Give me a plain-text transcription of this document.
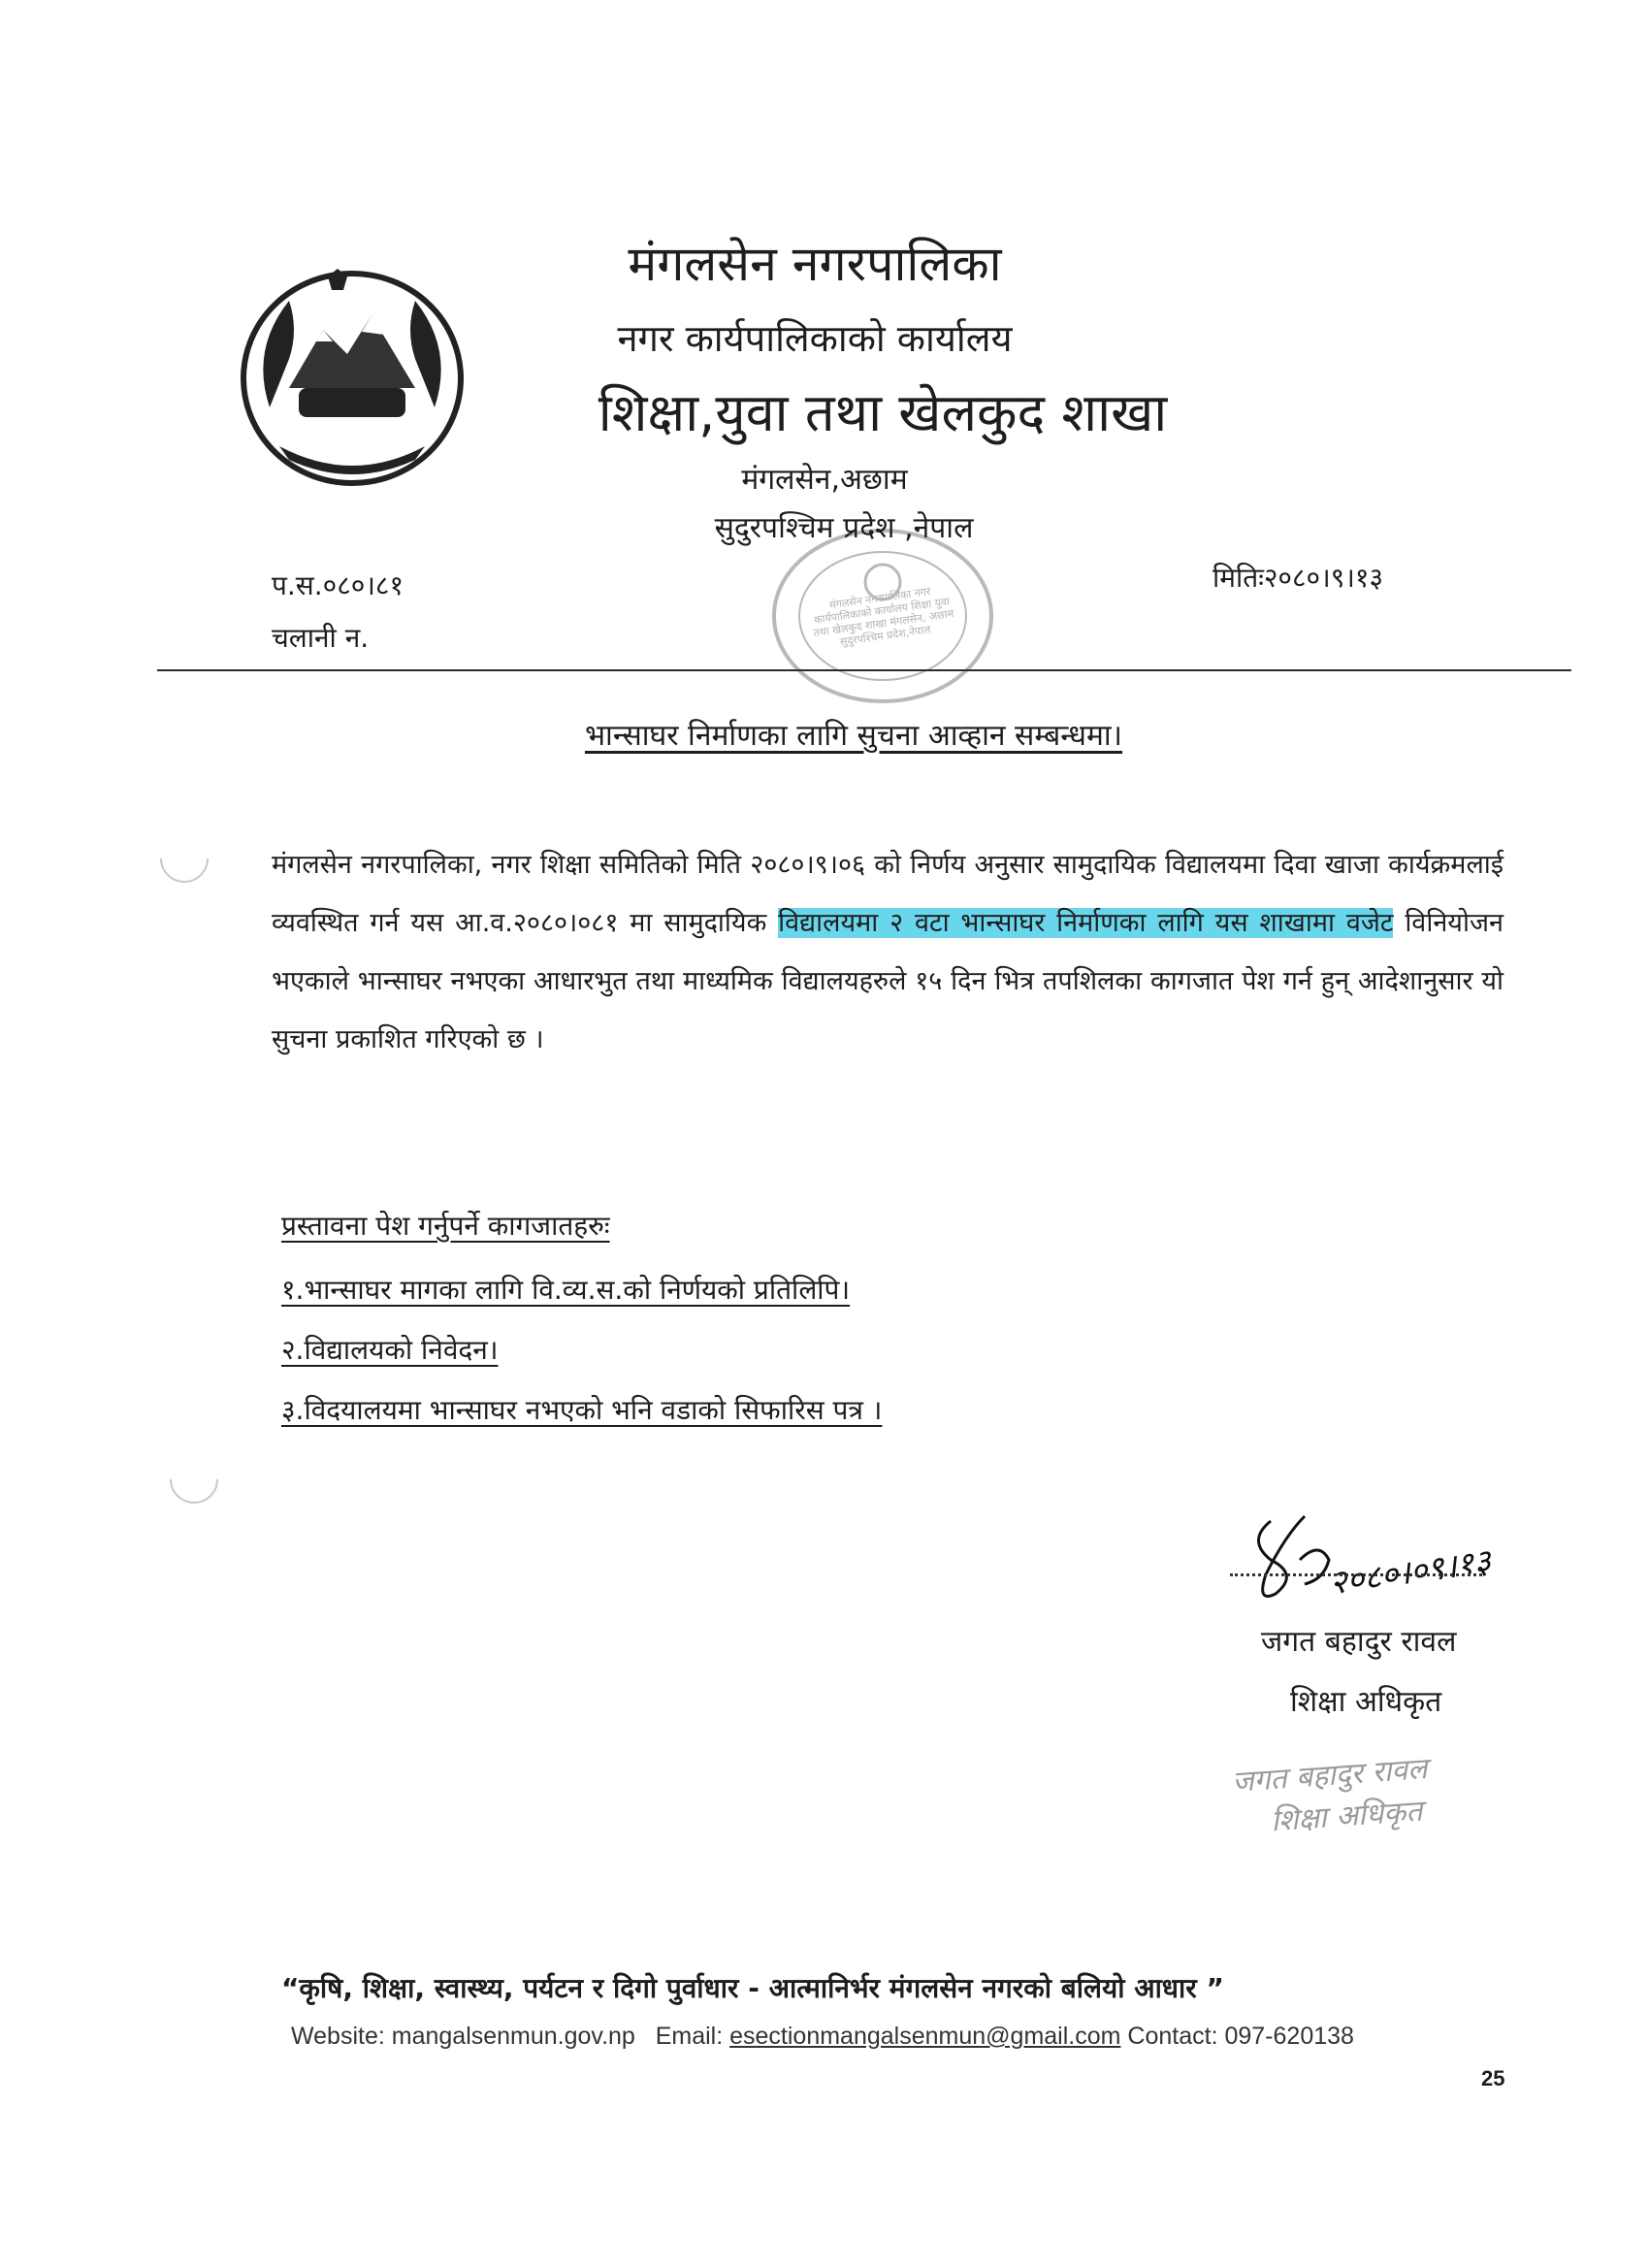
मंगलसेन नगरपालिका नगर कार्यपालिकाको कार्यालय शिक्षा युवा तथा खेलकुद शाखा मंगलसेन, अछाम सुदुरपश्चिम प्रदेश,नेपाल
मंगलसेन नगरपालिका
नगर कार्यपालिकाको कार्यालय
शिक्षा,युवा तथा खेलकुद शाखा
मंगलसेन,अछाम
सुदुरपश्चिम प्रदेश ,नेपाल
प.स.०८०।८१
चलानी न.
मितिः२०८०।९।१३
भान्साघर निर्माणका लागि सुचना आव्हान सम्बन्धमा।

मंगलसेन नगरपालिका, नगर शिक्षा समितिको मिति २०८०।९।०६ को निर्णय अनुसार सामुदायिक विद्यालयमा दिवा खाजा कार्यक्रमलाई व्यवस्थित गर्न यस आ.व.२०८०।०८१ मा सामुदायिक विद्यालयमा २ वटा भान्साघर निर्माणका लागि यस शाखामा वजेट विनियोजन भएकाले भान्साघर नभएका आधारभुत तथा माध्यमिक विद्यालयहरुले १५ दिन भित्र तपशिलका कागजात पेश गर्न हुन् आदेशानुसार यो सुचना प्रकाशित गरिएको छ ।

प्रस्तावना पेश गर्नुपर्ने कागजातहरुः
१.भान्साघर मागका लागि वि.व्य.स.को निर्णयको प्रतिलिपि।
२.विद्यालयको निवेदन।
३.विदयालयमा भान्साघर नभएको भनि वडाको सिफारिस पत्र ।
२०८०।०९।१३
जगत बहादुर रावल
शिक्षा अधिकृत
जगत बहादुर रावल
शिक्षा अधिकृत
“कृषि, शिक्षा, स्वास्थ्य, पर्यटन र दिगो पुर्वाधार - आत्मानिर्भर मंगलसेन नगरको बलियो आधार ”
Website: mangalsenmun.gov.np Email: esectionmangalsenmun@gmail.com Contact: 097-620138
25
